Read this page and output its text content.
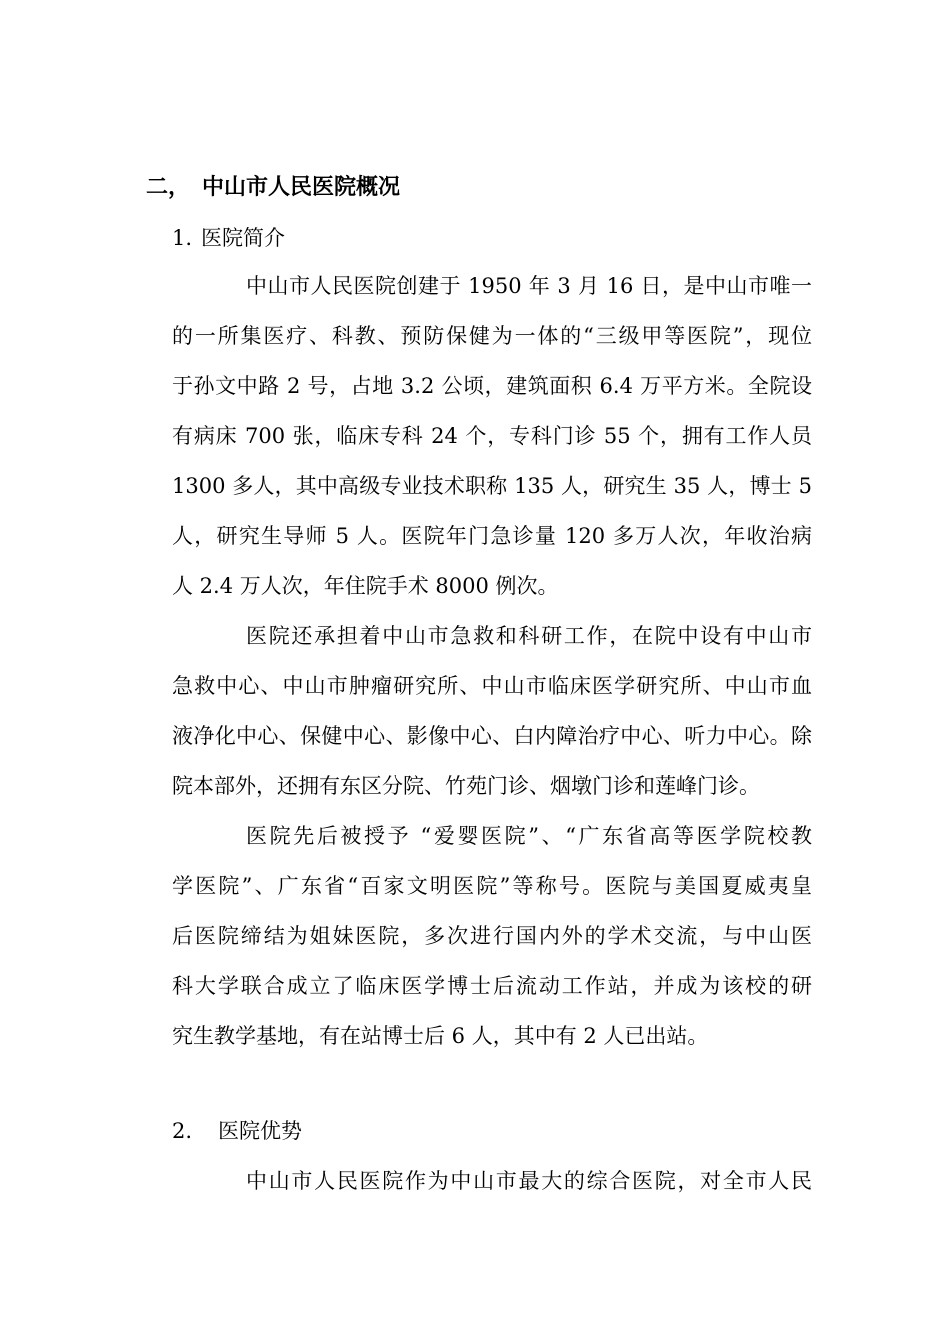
二， 中山市人民医院概况
1. 医院简介
中山市人民医院创建于 1950 年 3 月 16 日，是中山市唯一
的一所集医疗、科教、预防保健为一体的“三级甲等医院”，现位
于孙文中路 2 号，占地 3.2 公顷，建筑面积 6.4 万平方米。全院设
有病床 700 张，临床专科 24 个，专科门诊 55 个，拥有工作人员
1300 多人，其中高级专业技术职称 135 人，研究生 35 人，博士 5
人，研究生导师 5 人。医院年门急诊量 120 多万人次，年收治病
人 2.4 万人次，年住院手术 8000 例次。
医院还承担着中山市急救和科研工作，在院中设有中山市
急救中心、中山市肿瘤研究所、中山市临床医学研究所、中山市血
液净化中心、保健中心、影像中心、白内障治疗中心、听力中心。除
院本部外，还拥有东区分院、竹苑门诊、烟墩门诊和莲峰门诊。
医院先后被授予 “爱婴医院”、“广东省高等医学院校教
学医院”、广东省“百家文明医院”等称号。医院与美国夏威夷皇
后医院缔结为姐妹医院，多次进行国内外的学术交流，与中山医
科大学联合成立了临床医学博士后流动工作站，并成为该校的研
究生教学基地，有在站博士后 6 人，其中有 2 人已出站。
2. 医院优势
中山市人民医院作为中山市最大的综合医院，对全市人民
